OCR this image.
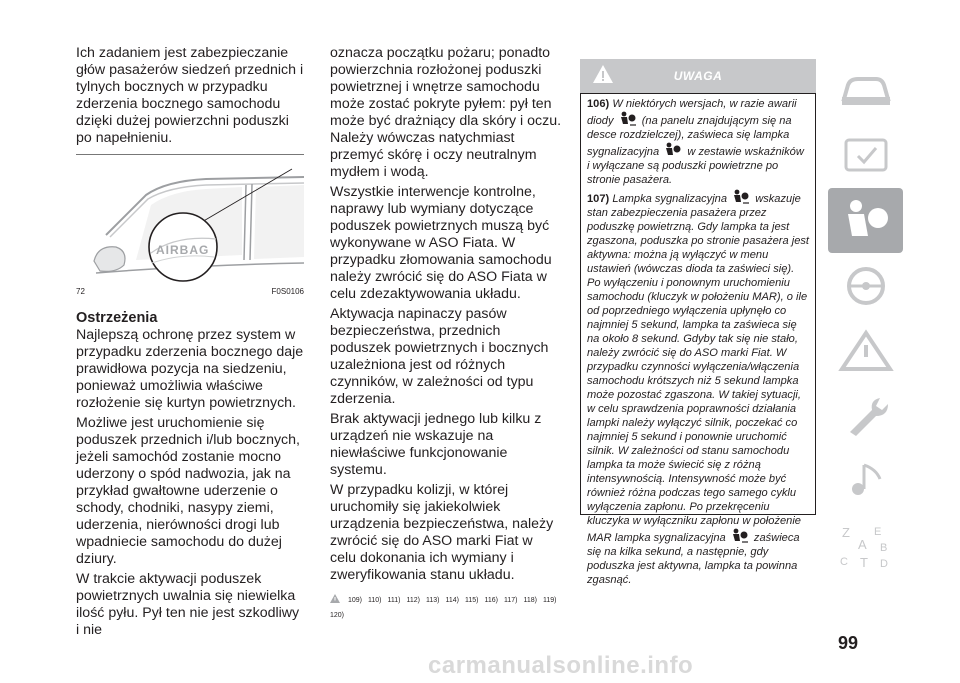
Ich zadaniem jest zabezpieczanie głów pasażerów siedzeń przednich i tylnych bocznych w przypadku zderzenia bocznego samochodu dzięki dużej powierzchni poduszki po napełnieniu.

AIRBAG
72	F0S0106
Ostrzeżenia

Najlepszą ochronę przez system w przypadku zderzenia bocznego daje prawidłowa pozycja na siedzeniu, ponieważ umożliwia właściwe rozłożenie się kurtyn powietrznych.

Możliwe jest uruchomienie się poduszek przednich i/lub bocznych, jeżeli samochód zostanie mocno uderzony o spód nadwozia, jak na przykład gwałtowne uderzenie o schody, chodniki, nasypy ziemi, uderzenia, nierówności drogi lub wpadniecie samochodu do dużej dziury.

W trakcie aktywacji poduszek powietrznych uwalnia się niewielka ilość pyłu. Pył ten nie jest szkodliwy i nie

oznacza początku pożaru; ponadto powierzchnia rozłożonej poduszki powietrznej i wnętrze samochodu może zostać pokryte pyłem: pył ten może być drażniący dla skóry i oczu. Należy wówczas natychmiast przemyć skórę i oczy neutralnym mydłem i wodą.

Wszystkie interwencje kontrolne, naprawy lub wymiany dotyczące poduszek powietrznych muszą być wykonywane w ASO Fiata. W przypadku złomowania samochodu należy zwrócić się do ASO Fiata w celu zdezaktywowania układu.

Aktywacja napinaczy pasów bezpieczeństwa, przednich poduszek powietrznych i bocznych uzależniona jest od różnych czynników, w zależności od typu zderzenia.

Brak aktywacji jednego lub kilku z urządzeń nie wskazuje na niewłaściwe funkcjonowanie systemu.

W przypadku kolizji, w której uruchomiły się jakiekolwiek urządzenia bezpieczeństwa, należy zwrócić się do ASO marki Fiat w celu dokonania ich wymiany i zweryfikowania stanu układu.

109) 110) 111) 112) 113) 114) 115) 116) 117) 118) 119)
120)
UWAGA

106) W niektórych wersjach, w razie awarii diody	(na panelu znajdującym się na desce rozdzielczej), zaświeca się lampka sygnalizacyjna	w zestawie wskaźników i wyłączane są poduszki powietrzne po stronie pasażera.

107) Lampka sygnalizacyjna	wskazuje stan zabezpieczenia pasażera przez poduszkę powietrzną. Gdy lampka ta jest zgaszona, poduszka po stronie pasażera jest aktywna: można ją wyłączyć w menu ustawień (wówczas dioda ta zaświeci się). Po wyłączeniu i ponownym uruchomieniu samochodu (kluczyk w położeniu MAR), o ile od poprzedniego wyłączenia upłynęło co najmniej 5 sekund, lampka ta zaświeca się na około 8 sekund. Gdyby tak się nie stało, należy zwrócić się do ASO marki Fiat. W przypadku czynności wyłączenia/włączenia samochodu krótszych niż 5 sekund lampka może pozostać zgaszona. W takiej sytuacji, w celu sprawdzenia poprawności działania lampki należy wyłączyć silnik, poczekać co najmniej 5 sekund i ponownie uruchomić silnik. W zależności od stanu samochodu lampka ta może świecić się z różną intensywnością. Intensywność może być również różna podczas tego samego cyklu wyłączenia zapłonu. Po przekręceniu kluczyka w wyłączniku zapłonu w położenie MAR lampka sygnalizacyjna	zaświeca się na kilka sekund, a następnie, gdy poduszka jest aktywna, lampka ta powinna zgasnąć.

Z E
A B
C T D
99
carmanualsonline.info
